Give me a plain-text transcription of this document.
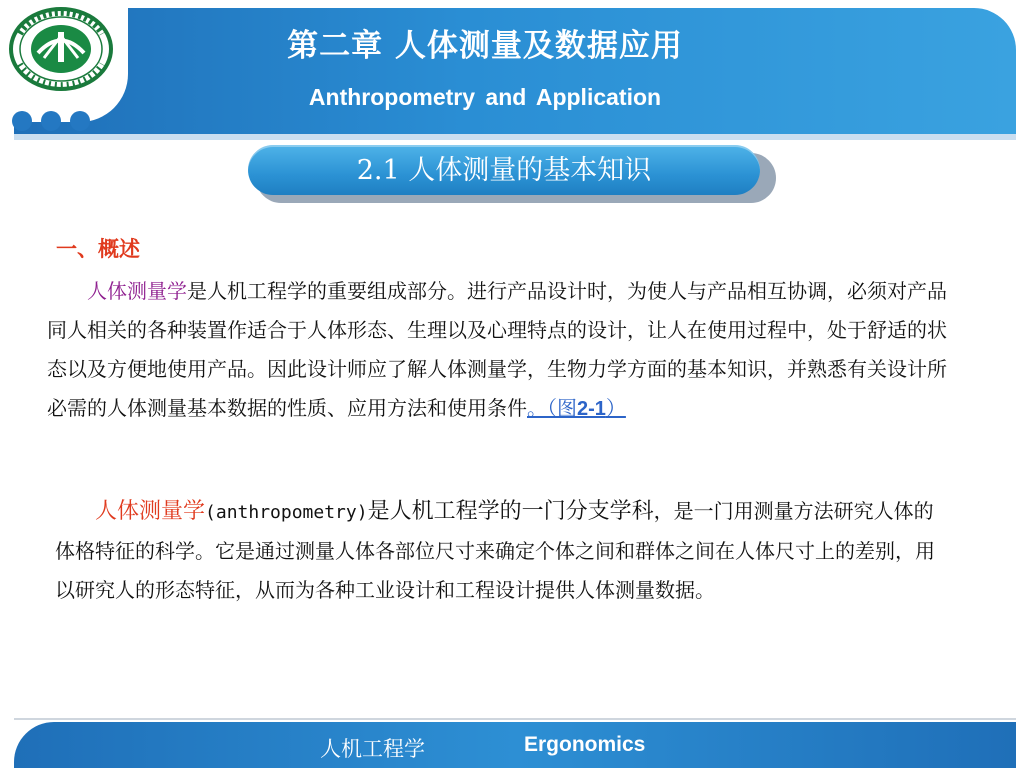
第二章 人体测量及数据应用
Anthropometry and Application
2.1 人体测量的基本知识
一、概述
人体测量学是人机工程学的重要组成部分。进行产品设计时，为使人与产品相互协调，必须对产品同人相关的各种装置作适合于人体形态、生理以及心理特点的设计，让人在使用过程中，处于舒适的状态以及方便地使用产品。因此设计师应了解人体测量学，生物力学方面的基本知识，并熟悉有关设计所必需的人体测量基本数据的性质、应用方法和使用条件。（图2-1）
人体测量学(anthropometry)是人机工程学的一门分支学科，是一门用测量方法研究人体的体格特征的科学。它是通过测量人体各部位尺寸来确定个体之间和群体之间在人体尺寸上的差别，用以研究人的形态特征，从而为各种工业设计和工程设计提供人体测量数据。
人机工程学	Ergonomics
